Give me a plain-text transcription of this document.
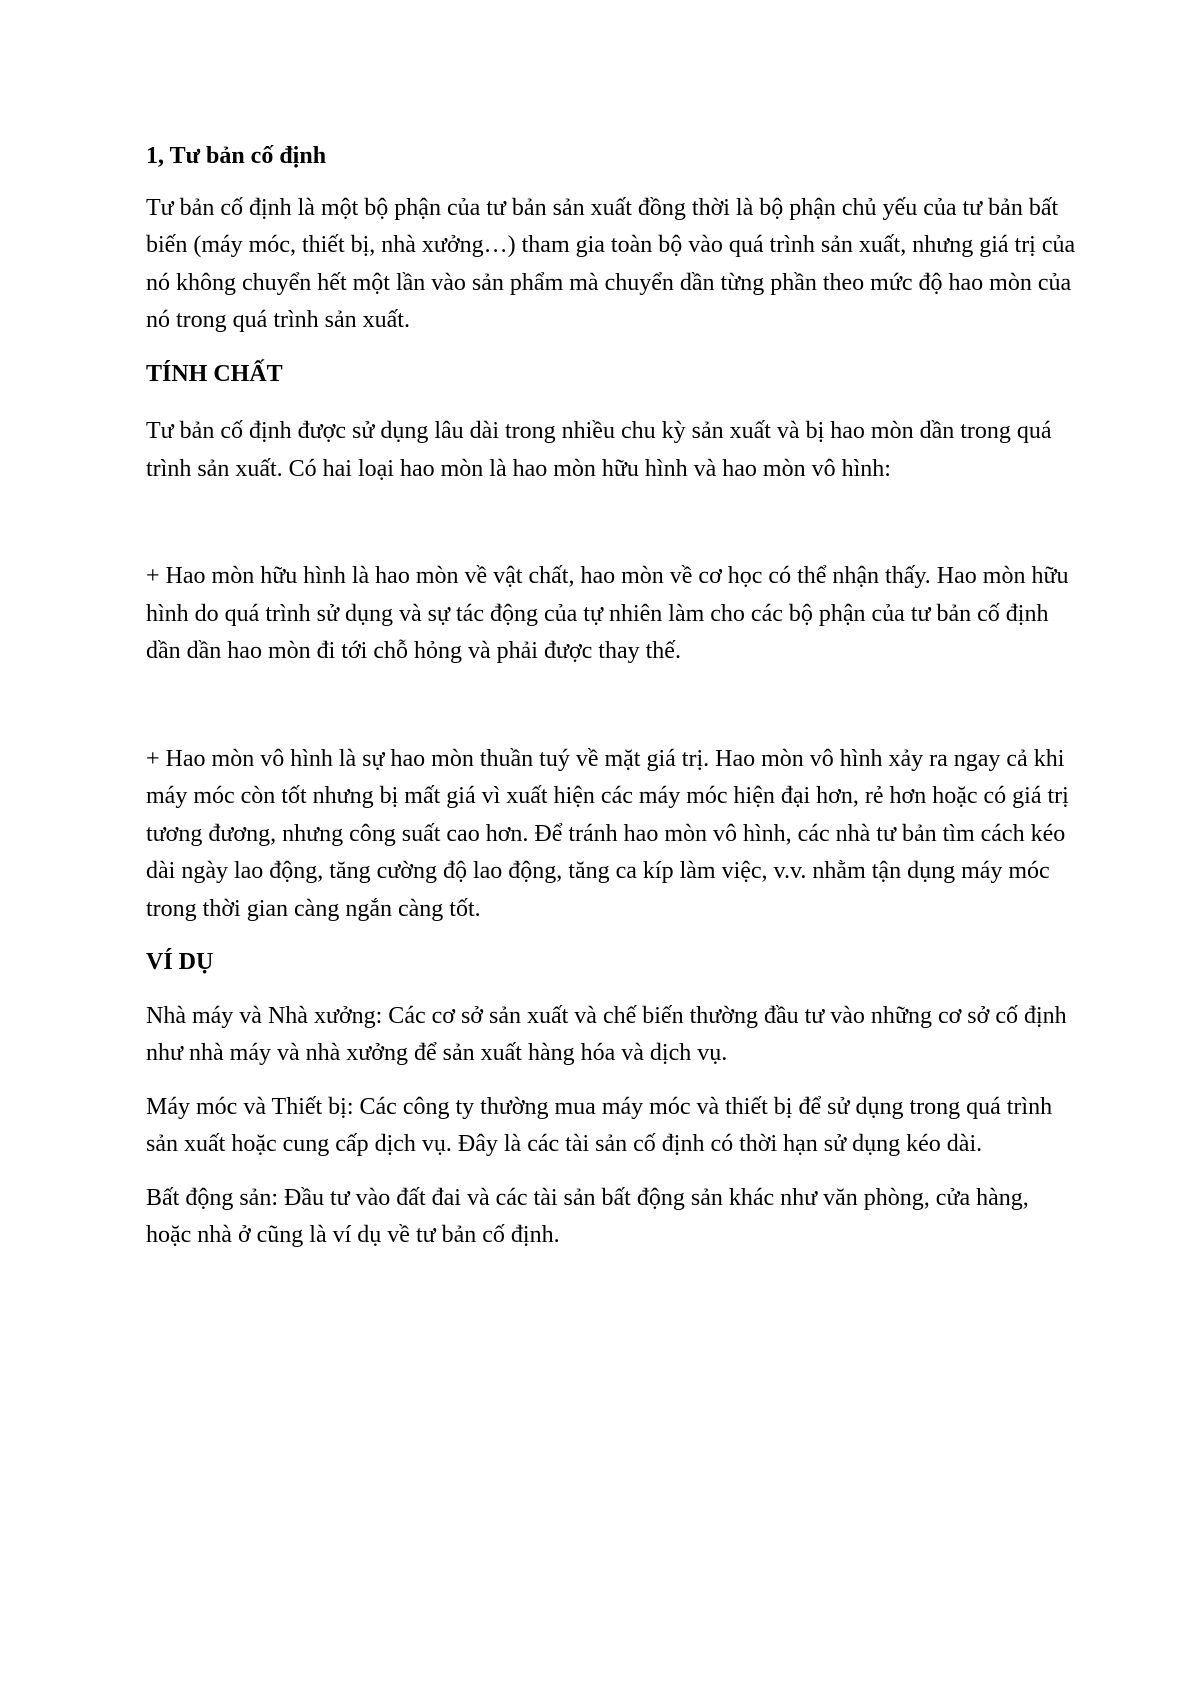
1, Tư bản cố định

Tư bản cố định là một bộ phận của tư bản sản xuất đồng thời là bộ phận chủ yếu của tư bản bất biến (máy móc, thiết bị, nhà xưởng…) tham gia toàn bộ vào quá trình sản xuất, nhưng giá trị của nó không chuyển hết một lần vào sản phẩm mà chuyển dần từng phần theo mức độ hao mòn của nó trong quá trình sản xuất.

TÍNH CHẤT

Tư bản cố định được sử dụng lâu dài trong nhiều chu kỳ sản xuất và bị hao mòn dần trong quá trình sản xuất. Có hai loại hao mòn là hao mòn hữu hình và hao mòn vô hình:

+ Hao mòn hữu hình là hao mòn về vật chất, hao mòn về cơ học có thể nhận thấy. Hao mòn hữu hình do quá trình sử dụng và sự tác động của tự nhiên làm cho các bộ phận của tư bản cố định dần dần hao mòn đi tới chỗ hỏng và phải được thay thế.

+ Hao mòn vô hình là sự hao mòn thuần tuý về mặt giá trị. Hao mòn vô hình xảy ra ngay cả khi máy móc còn tốt nhưng bị mất giá vì xuất hiện các máy móc hiện đại hơn, rẻ hơn hoặc có giá trị tương đương, nhưng công suất cao hơn. Để tránh hao mòn vô hình, các nhà tư bản tìm cách kéo dài ngày lao động, tăng cường độ lao động, tăng ca kíp làm việc, v.v. nhằm tận dụng máy móc trong thời gian càng ngắn càng tốt.

VÍ DỤ

Nhà máy và Nhà xưởng: Các cơ sở sản xuất và chế biến thường đầu tư vào những cơ sở cố định như nhà máy và nhà xưởng để sản xuất hàng hóa và dịch vụ.

Máy móc và Thiết bị: Các công ty thường mua máy móc và thiết bị để sử dụng trong quá trình sản xuất hoặc cung cấp dịch vụ. Đây là các tài sản cố định có thời hạn sử dụng kéo dài.

Bất động sản: Đầu tư vào đất đai và các tài sản bất động sản khác như văn phòng, cửa hàng, hoặc nhà ở cũng là ví dụ về tư bản cố định.
